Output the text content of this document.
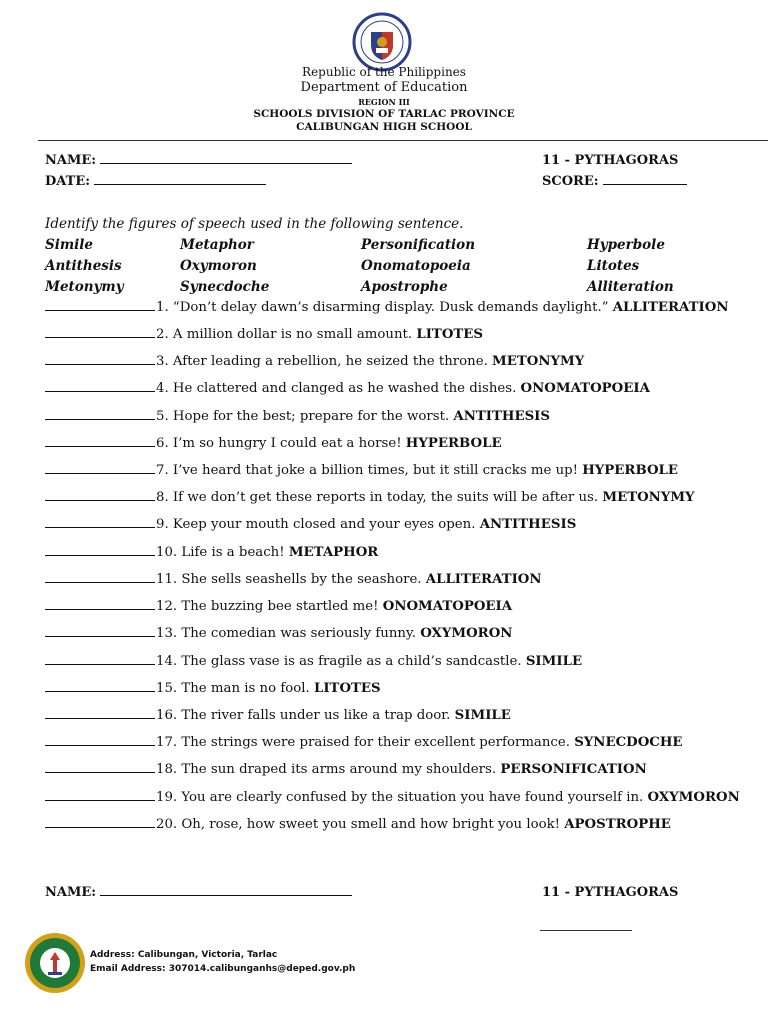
Republic of the Philippines
Department of Education
REGION III
SCHOOLS DIVISION OF TARLAC PROVINCE
CALIBUNGAN HIGH SCHOOL
NAME:
DATE:
11 - PYTHAGORAS
SCORE:
Identify the figures of speech used in the following sentence.
Simile	Metaphor	Personification	Hyperbole
Antithesis	Oxymoron	Onomatopoeia	Litotes
Metonymy	Synecdoche	Apostrophe	Alliteration
1. “Don’t delay dawn’s disarming display. Dusk demands daylight.” ALLITERATION
2. A million dollar is no small amount. LITOTES
3. After leading a rebellion, he seized the throne. METONYMY
4. He clattered and clanged as he washed the dishes. ONOMATOPOEIA
5. Hope for the best; prepare for the worst. ANTITHESIS
6. I’m so hungry I could eat a horse! HYPERBOLE
7. I’ve heard that joke a billion times, but it still cracks me up! HYPERBOLE
8. If we don’t get these reports in today, the suits will be after us. METONYMY
9. Keep your mouth closed and your eyes open. ANTITHESIS
10. Life is a beach! METAPHOR
11. She sells seashells by the seashore. ALLITERATION
12. The buzzing bee startled me! ONOMATOPOEIA
13. The comedian was seriously funny. OXYMORON
14. The glass vase is as fragile as a child’s sandcastle. SIMILE
15. The man is no fool. LITOTES
16. The river falls under us like a trap door. SIMILE
17. The strings were praised for their excellent performance. SYNECDOCHE
18. The sun draped its arms around my shoulders. PERSONIFICATION
19. You are clearly confused by the situation you have found yourself in. OXYMORON
20. Oh, rose, how sweet you smell and how bright you look! APOSTROPHE
NAME:	11 - PYTHAGORAS
Address: Calibungan, Victoria, Tarlac
Email Address: 307014.calibunganhs@deped.gov.ph
